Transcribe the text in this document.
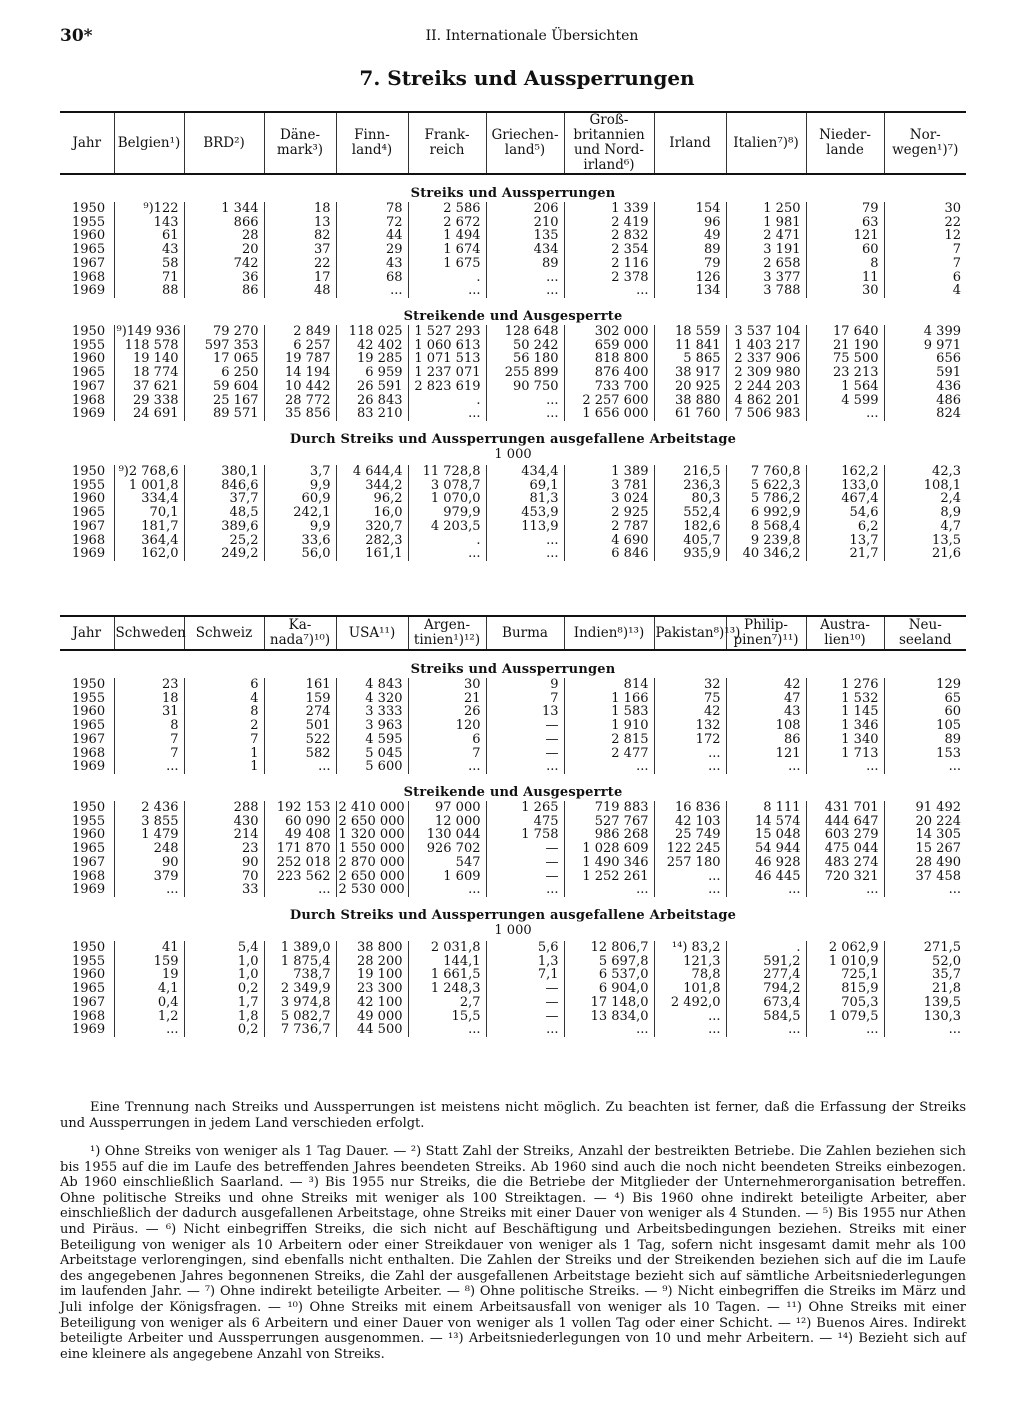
30*	II. Internationale Übersichten
7. Streiks und Aussperrungen
Jahr	Belgien¹)	BRD²)	Däne-mark³)	Finn-land⁴)	Frank-reich	Griechen-land⁵)	Groß-britannien und Nord-irland⁶)	Irland	Italien⁷)⁸)	Nieder-lande	Nor-wegen¹)⁷)
Streiks und Aussperrungen											
1950	⁹)122	1 344	18	78	2 586	206	1 339	154	1 250	79	30
1955	143	866	13	72	2 672	210	2 419	96	1 981	63	22
1960	61	28	82	44	1 494	135	2 832	49	2 471	121	12
1965	43	20	37	29	1 674	434	2 354	89	3 191	60	7
1967	58	742	22	43	1 675	89	2 116	79	2 658	8	7
1968	71	36	17	68	.	...	2 378	126	3 377	11	6
1969	88	86	48	...	...	...	...	134	3 788	30	4
Streikende und Ausgesperrte											
1950	⁹)149 936	79 270	2 849	118 025	1 527 293	128 648	302 000	18 559	3 537 104	17 640	4 399
1955	118 578	597 353	6 257	42 402	1 060 613	50 242	659 000	11 841	1 403 217	21 190	9 971
1960	19 140	17 065	19 787	19 285	1 071 513	56 180	818 800	5 865	2 337 906	75 500	656
1965	18 774	6 250	14 194	6 959	1 237 071	255 899	876 400	38 917	2 309 980	23 213	591
1967	37 621	59 604	10 442	26 591	2 823 619	90 750	733 700	20 925	2 244 203	1 564	436
1968	29 338	25 167	28 772	26 843	.	...	2 257 600	38 880	4 862 201	4 599	486
1969	24 691	89 571	35 856	83 210	...	...	1 656 000	61 760	7 506 983	...	824
Durch Streiks und Aussperrungen ausgefallene Arbeitstage											
1 000											
1950	⁹)2 768,6	380,1	3,7	4 644,4	11 728,8	434,4	1 389	216,5	7 760,8	162,2	42,3
1955	1 001,8	846,6	9,9	344,2	3 078,7	69,1	3 781	236,3	5 622,3	133,0	108,1
1960	334,4	37,7	60,9	96,2	1 070,0	81,3	3 024	80,3	5 786,2	467,4	2,4
1965	70,1	48,5	242,1	16,0	979,9	453,9	2 925	552,4	6 992,9	54,6	8,9
1967	181,7	389,6	9,9	320,7	4 203,5	113,9	2 787	182,6	8 568,4	6,2	4,7
1968	364,4	25,2	33,6	282,3	.	...	4 690	405,7	9 239,8	13,7	13,5
1969	162,0	249,2	56,0	161,1	...	...	6 846	935,9	40 346,2	21,7	21,6
Jahr	Schweden	Schweiz	Ka-nada⁷)¹⁰)	USA¹¹)	Argen-tinien¹)¹²)	Burma	Indien⁸)¹³)	Pakistan⁸)¹³)	Philip-pinen⁷)¹¹)	Austra-lien¹⁰)	Neu-seeland
Streiks und Aussperrungen											
1950	23	6	161	4 843	30	9	814	32	42	1 276	129
1955	18	4	159	4 320	21	7	1 166	75	47	1 532	65
1960	31	8	274	3 333	26	13	1 583	42	43	1 145	60
1965	8	2	501	3 963	120	—	1 910	132	108	1 346	105
1967	7	7	522	4 595	6	—	2 815	172	86	1 340	89
1968	7	1	582	5 045	7	—	2 477	...	121	1 713	153
1969	...	1	...	5 600	...	...	...	...	...	...	...
Streikende und Ausgesperrte											
1950	2 436	288	192 153	2 410 000	97 000	1 265	719 883	16 836	8 111	431 701	91 492
1955	3 855	430	60 090	2 650 000	12 000	475	527 767	42 103	14 574	444 647	20 224
1960	1 479	214	49 408	1 320 000	130 044	1 758	986 268	25 749	15 048	603 279	14 305
1965	248	23	171 870	1 550 000	926 702	—	1 028 609	122 245	54 944	475 044	15 267
1967	90	90	252 018	2 870 000	547	—	1 490 346	257 180	46 928	483 274	28 490
1968	379	70	223 562	2 650 000	1 609	—	1 252 261	...	46 445	720 321	37 458
1969	...	33	...	2 530 000	...	...	...	...	...	...	...
Durch Streiks und Aussperrungen ausgefallene Arbeitstage											
1 000											
1950	41	5,4	1 389,0	38 800	2 031,8	5,6	12 806,7	¹⁴) 83,2	.	2 062,9	271,5
1955	159	1,0	1 875,4	28 200	144,1	1,3	5 697,8	121,3	591,2	1 010,9	52,0
1960	19	1,0	738,7	19 100	1 661,5	7,1	6 537,0	78,8	277,4	725,1	35,7
1965	4,1	0,2	2 349,9	23 300	1 248,3	—	6 904,0	101,8	794,2	815,9	21,8
1967	0,4	1,7	3 974,8	42 100	2,7	—	17 148,0	2 492,0	673,4	705,3	139,5
1968	1,2	1,8	5 082,7	49 000	15,5	—	13 834,0	...	584,5	1 079,5	130,3
1969	...	0,2	7 736,7	44 500	...	...	...	...	...	...	...

Eine Trennung nach Streiks und Aussperrungen ist meistens nicht möglich. Zu beachten ist ferner, daß die Erfassung der Streiks und Aussperrungen in jedem Land verschieden erfolgt.

¹) Ohne Streiks von weniger als 1 Tag Dauer. — ²) Statt Zahl der Streiks, Anzahl der bestreikten Betriebe. Die Zahlen beziehen sich bis 1955 auf die im Laufe des betreffenden Jahres beendeten Streiks. Ab 1960 sind auch die noch nicht beendeten Streiks einbezogen. Ab 1960 einschließlich Saarland. — ³) Bis 1955 nur Streiks, die die Betriebe der Mitglieder der Unternehmerorganisation betreffen. Ohne politische Streiks und ohne Streiks mit weniger als 100 Streiktagen. — ⁴) Bis 1960 ohne indirekt beteiligte Arbeiter, aber einschließlich der dadurch ausgefallenen Arbeitstage, ohne Streiks mit einer Dauer von weniger als 4 Stunden. — ⁵) Bis 1955 nur Athen und Piräus. — ⁶) Nicht einbegriffen Streiks, die sich nicht auf Beschäftigung und Arbeitsbedingungen beziehen. Streiks mit einer Beteiligung von weniger als 10 Arbeitern oder einer Streikdauer von weniger als 1 Tag, sofern nicht insgesamt damit mehr als 100 Arbeitstage verlorengingen, sind ebenfalls nicht enthalten. Die Zahlen der Streiks und der Streikenden beziehen sich auf die im Laufe des angegebenen Jahres begonnenen Streiks, die Zahl der ausgefallenen Arbeitstage bezieht sich auf sämtliche Arbeitsniederlegungen im laufenden Jahr. — ⁷) Ohne indirekt beteiligte Arbeiter. — ⁸) Ohne politische Streiks. — ⁹) Nicht einbegriffen die Streiks im März und Juli infolge der Königsfragen. — ¹⁰) Ohne Streiks mit einem Arbeitsausfall von weniger als 10 Tagen. — ¹¹) Ohne Streiks mit einer Beteiligung von weniger als 6 Arbeitern und einer Dauer von weniger als 1 vollen Tag oder einer Schicht. — ¹²) Buenos Aires. Indirekt beteiligte Arbeiter und Aussperrungen ausgenommen. — ¹³) Arbeitsniederlegungen von 10 und mehr Arbeitern. — ¹⁴) Bezieht sich auf eine kleinere als angegebene Anzahl von Streiks.
